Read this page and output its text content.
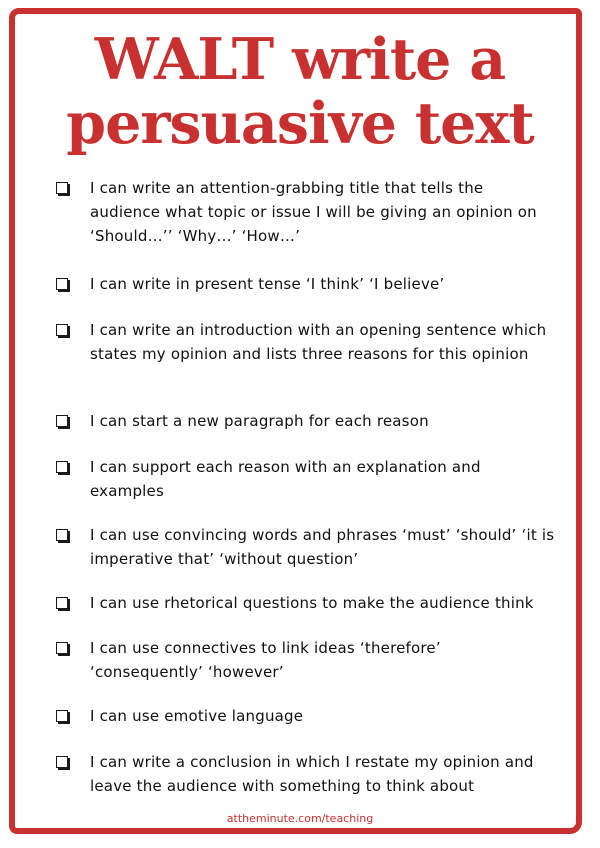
WALT write a
persuasive text
I can write an attention-grabbing title that tells the audience what topic or issue I will be giving an opinion on ‘Should…’’ ‘Why…’ ‘How…’
I can write in present tense ‘I think’ ‘I believe’
I can write an introduction with an opening sentence which states my opinion and lists three reasons for this opinion
I can start a new paragraph for each reason
I can support each reason with an explanation and examples
I can use convincing words and phrases ‘must’ ‘should’ ‘it is imperative that’ ‘without question’
I can use rhetorical questions to make the audience think
I can use connectives to link ideas ‘therefore’ ‘consequently’ ‘however’
I can use emotive language
I can write a conclusion in which I restate my opinion and leave the audience with something to think about
attheminute.com/teaching
